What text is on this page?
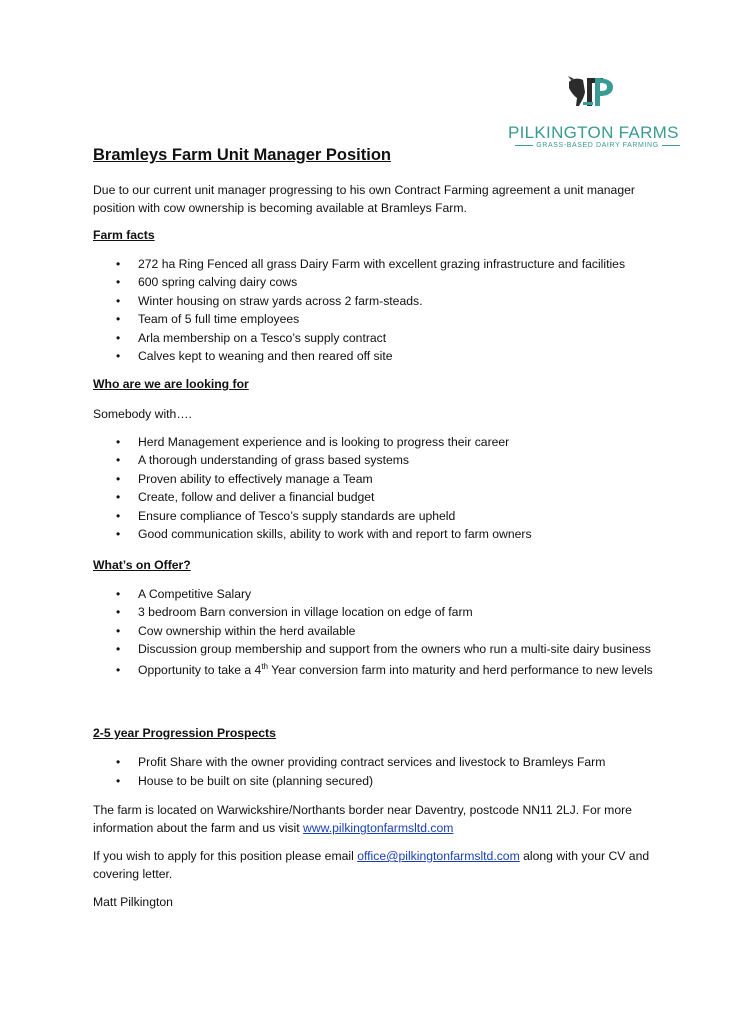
PILKINGTON FARMS
GRASS-BASED DAIRY FARMING
Bramleys Farm Unit Manager Position
Due to our current unit manager progressing to his own Contract Farming agreement a unit manager position with cow ownership is becoming available at Bramleys Farm.
Farm facts
• 272 ha Ring Fenced all grass Dairy Farm with excellent grazing infrastructure and facilities
• 600 spring calving dairy cows
• Winter housing on straw yards across 2 farm-steads.
• Team of 5 full time employees
• Arla membership on a Tesco’s supply contract
• Calves kept to weaning and then reared off site
Who are we are looking for
Somebody with….
• Herd Management experience and is looking to progress their career
• A thorough understanding of grass based systems
• Proven ability to effectively manage a Team
• Create, follow and deliver a financial budget
• Ensure compliance of Tesco’s supply standards are upheld
• Good communication skills, ability to work with and report to farm owners
What’s on Offer?
• A Competitive Salary
• 3 bedroom Barn conversion in village location on edge of farm
• Cow ownership within the herd available
• Discussion group membership and support from the owners who run a multi-site dairy business
• Opportunity to take a 4th Year conversion farm into maturity and herd performance to new levels
2-5 year Progression Prospects
• Profit Share with the owner providing contract services and livestock to Bramleys Farm
• House to be built on site (planning secured)
The farm is located on Warwickshire/Northants border near Daventry, postcode NN11 2LJ. For more information about the farm and us visit www.pilkingtonfarmsltd.com
If you wish to apply for this position please email office@pilkingtonfarmsltd.com along with your CV and covering letter.
Matt Pilkington
